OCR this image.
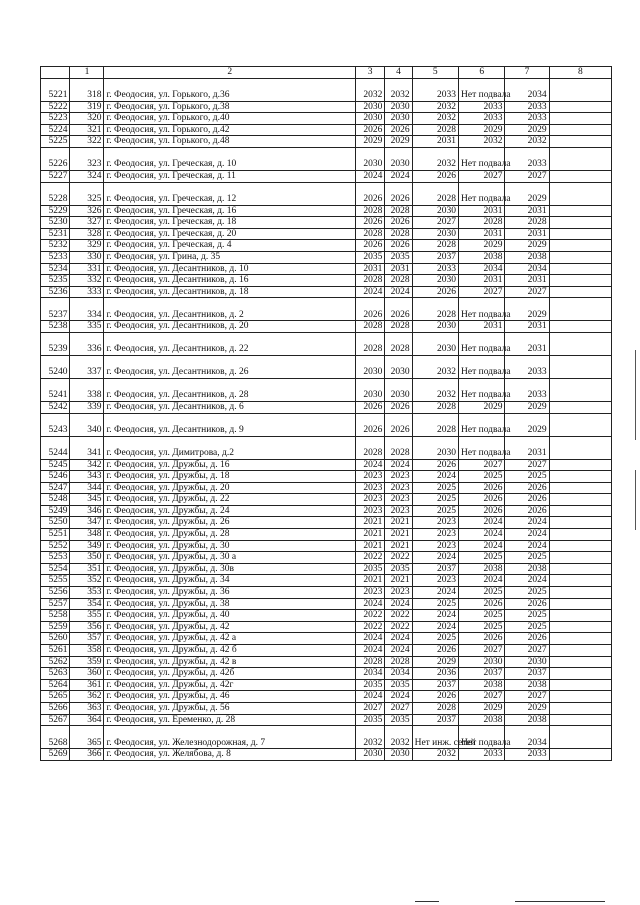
	1	2	3	4	5	6	7	8
5221	318	г. Феодосия, ул. Горького, д.36	2032	2032	2033	Нет подвала	2034	
5222	319	г. Феодосия, ул. Горького, д.38	2030	2030	2032	2033	2033	
5223	320	г. Феодосия, ул. Горького, д.40	2030	2030	2032	2033	2033	
5224	321	г. Феодосия, ул. Горького, д.42	2026	2026	2028	2029	2029	
5225	322	г. Феодосия, ул. Горького, д.48	2029	2029	2031	2032	2032	
5226	323	г. Феодосия, ул. Греческая, д. 10	2030	2030	2032	Нет подвала	2033	
5227	324	г. Феодосия, ул. Греческая, д. 11	2024	2024	2026	2027	2027	
5228	325	г. Феодосия, ул. Греческая, д. 12	2026	2026	2028	Нет подвала	2029	
5229	326	г. Феодосия, ул. Греческая, д. 16	2028	2028	2030	2031	2031	
5230	327	г. Феодосия, ул. Греческая, д. 18	2026	2026	2027	2028	2028	
5231	328	г. Феодосия, ул. Греческая, д. 20	2028	2028	2030	2031	2031	
5232	329	г. Феодосия, ул. Греческая, д. 4	2026	2026	2028	2029	2029	
5233	330	г. Феодосия, ул. Грина, д. 35	2035	2035	2037	2038	2038	
5234	331	г. Феодосия, ул. Десантников, д. 10	2031	2031	2033	2034	2034	
5235	332	г. Феодосия, ул. Десантников, д. 16	2028	2028	2030	2031	2031	
5236	333	г. Феодосия, ул. Десантников, д. 18	2024	2024	2026	2027	2027	
5237	334	г. Феодосия, ул. Десантников, д. 2	2026	2026	2028	Нет подвала	2029	
5238	335	г. Феодосия, ул. Десантников, д. 20	2028	2028	2030	2031	2031	
5239	336	г. Феодосия, ул. Десантников, д. 22	2028	2028	2030	Нет подвала	2031	
5240	337	г. Феодосия, ул. Десантников, д. 26	2030	2030	2032	Нет подвала	2033	
5241	338	г. Феодосия, ул. Десантников, д. 28	2030	2030	2032	Нет подвала	2033	
5242	339	г. Феодосия, ул. Десантников, д. 6	2026	2026	2028	2029	2029	
5243	340	г. Феодосия, ул. Десантников, д. 9	2026	2026	2028	Нет подвала	2029	
5244	341	г. Феодосия, ул. Димитрова, д.2	2028	2028	2030	Нет подвала	2031	
5245	342	г. Феодосия, ул. Дружбы, д. 16	2024	2024	2026	2027	2027	
5246	343	г. Феодосия, ул. Дружбы, д. 18	2023	2023	2024	2025	2025	
5247	344	г. Феодосия, ул. Дружбы, д. 20	2023	2023	2025	2026	2026	
5248	345	г. Феодосия, ул. Дружбы, д. 22	2023	2023	2025	2026	2026	
5249	346	г. Феодосия, ул. Дружбы, д. 24	2023	2023	2025	2026	2026	
5250	347	г. Феодосия, ул. Дружбы, д. 26	2021	2021	2023	2024	2024	
5251	348	г. Феодосия, ул. Дружбы, д. 28	2021	2021	2023	2024	2024	
5252	349	г. Феодосия, ул. Дружбы, д. 30	2021	2021	2023	2024	2024	
5253	350	г. Феодосия, ул. Дружбы, д. 30 а	2022	2022	2024	2025	2025	
5254	351	г. Феодосия, ул. Дружбы, д. 30в	2035	2035	2037	2038	2038	
5255	352	г. Феодосия, ул. Дружбы, д. 34	2021	2021	2023	2024	2024	
5256	353	г. Феодосия, ул. Дружбы, д. 36	2023	2023	2024	2025	2025	
5257	354	г. Феодосия, ул. Дружбы, д. 38	2024	2024	2025	2026	2026	
5258	355	г. Феодосия, ул. Дружбы, д. 40	2022	2022	2024	2025	2025	
5259	356	г. Феодосия, ул. Дружбы, д. 42	2022	2022	2024	2025	2025	
5260	357	г. Феодосия, ул. Дружбы, д. 42 а	2024	2024	2025	2026	2026	
5261	358	г. Феодосия, ул. Дружбы, д. 42 б	2024	2024	2026	2027	2027	
5262	359	г. Феодосия, ул. Дружбы, д. 42 в	2028	2028	2029	2030	2030	
5263	360	г. Феодосия, ул. Дружбы, д. 42б	2034	2034	2036	2037	2037	
5264	361	г. Феодосия, ул. Дружбы, д. 42г	2035	2035	2037	2038	2038	
5265	362	г. Феодосия, ул. Дружбы, д. 46	2024	2024	2026	2027	2027	
5266	363	г. Феодосия, ул. Дружбы, д. 56	2027	2027	2028	2029	2029	
5267	364	г. Феодосия, ул. Еременко, д. 28	2035	2035	2037	2038	2038	
5268	365	г. Феодосия, ул. Железнодорожная, д. 7	2032	2032	Нет инж. сетей	Нет подвала	2034	
5269	366	г. Феодосия, ул. Желябова, д. 8	2030	2030	2032	2033	2033	
